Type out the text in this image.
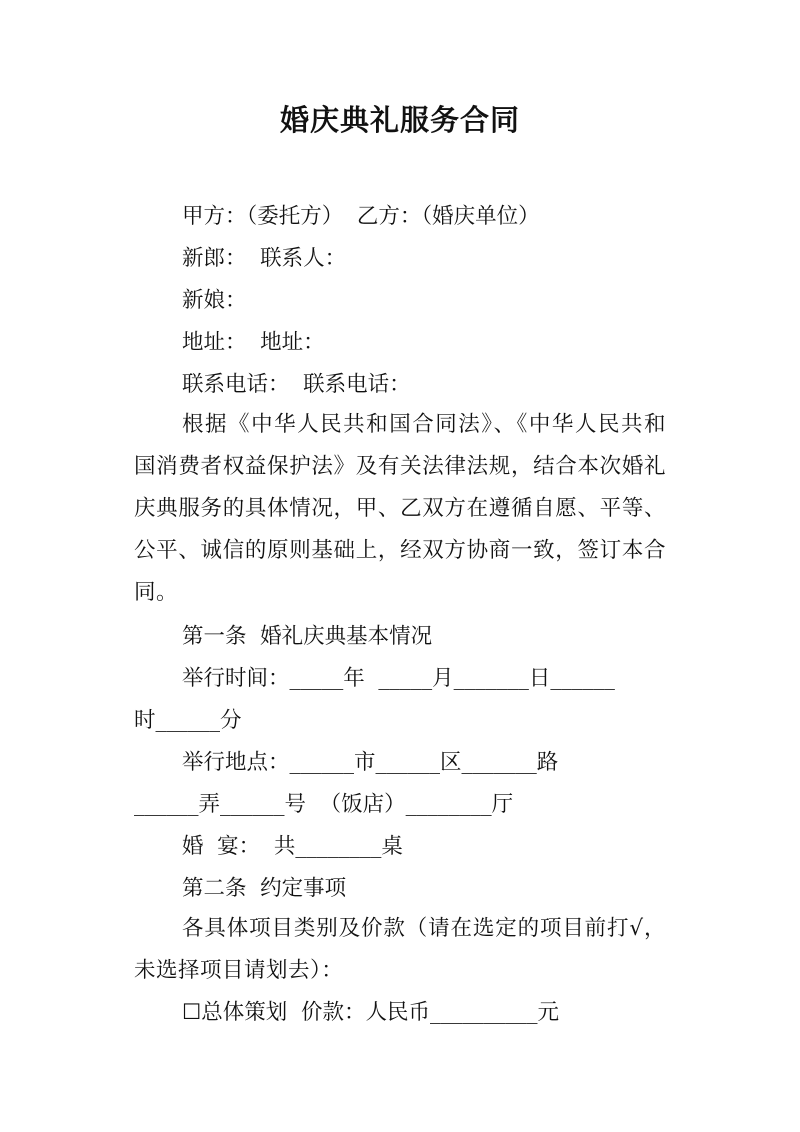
婚庆典礼服务合同
甲方：（委托方）  乙方：（婚庆单位）
新郎：  联系人：
新娘：
地址：  地址：
联系电话：  联系电话：
根据《中华人民共和国合同法》、《中华人民共和国消费者权益保护法》及有关法律法规，结合本次婚礼庆典服务的具体情况，甲、乙双方在遵循自愿、平等、公平、诚信的原则基础上，经双方协商一致，签订本合同。
第一条  婚礼庆典基本情况
举行时间：_____年  _____月_______日______
时______分
举行地点：______市______区_______路
______弄______号  （饭店）________厅
婚  宴：  共________桌
第二条  约定事项
各具体项目类别及价款（请在选定的项目前打√，未选择项目请划去）：
☐总体策划  价款：人民币__________元
